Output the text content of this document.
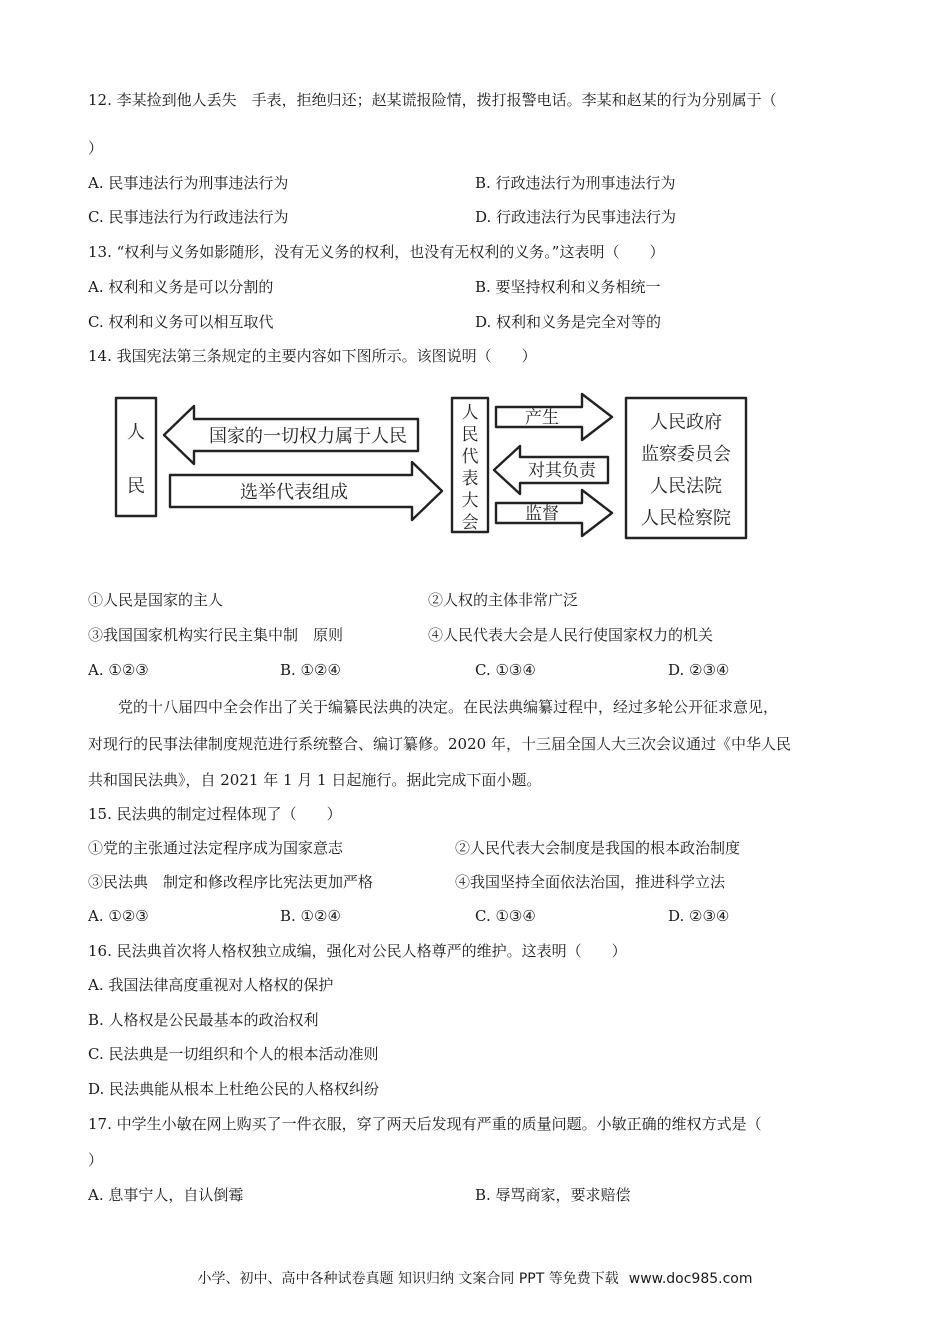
12. 李某捡到他人丢失　手表，拒绝归还；赵某谎报险情，拨打报警电话。李某和赵某的行为分别属于（
）
A. 民事违法行为刑事违法行为	B. 行政违法行为刑事违法行为
C. 民事违法行为行政违法行为	D. 行政违法行为民事违法行为
13. “权利与义务如影随形，没有无义务的权利，也没有无权利的义务。”这表明（　　）
A. 权利和义务是可以分割的	B. 要坚持权利和义务相统一
C. 权利和义务可以相互取代	D. 权利和义务是完全对等的
14. 我国宪法第三条规定的主要内容如下图所示。该图说明（　　）
人
民
国家的一切权力属于人民
选举代表组成
人
民
代
表
大
会
产生
对其负责
监督
人民政府
监察委员会
人民法院
人民检察院
①人民是国家的主人	②人权的主体非常广泛
③我国国家机构实行民主集中制　原则	④人民代表大会是人民行使国家权力的机关
A. ①②③	B. ①②④	C. ①③④	D. ②③④
党的十八届四中全会作出了关于编纂民法典的决定。在民法典编纂过程中，经过多轮公开征求意见，
对现行的民事法律制度规范进行系统整合、编订纂修。2020 年，十三届全国人大三次会议通过《中华人民
共和国民法典》，自 2021 年 1 月 1 日起施行。据此完成下面小题。
15. 民法典的制定过程体现了（　　）
①党的主张通过法定程序成为国家意志	②人民代表大会制度是我国的根本政治制度
③民法典　制定和修改程序比宪法更加严格	④我国坚持全面依法治国，推进科学立法
A. ①②③	B. ①②④	C. ①③④	D. ②③④
16. 民法典首次将人格权独立成编，强化对公民人格尊严的维护。这表明（　　）
A. 我国法律高度重视对人格权的保护
B. 人格权是公民最基本的政治权利
C. 民法典是一切组织和个人的根本活动准则
D. 民法典能从根本上杜绝公民的人格权纠纷
17. 中学生小敏在网上购买了一件衣服，穿了两天后发现有严重的质量问题。小敏正确的维权方式是（
）
A. 息事宁人，自认倒霉	B. 辱骂商家，要求赔偿
小学、初中、高中各种试卷真题 知识归纳 文案合同 PPT 等免费下载 www.doc985.com
